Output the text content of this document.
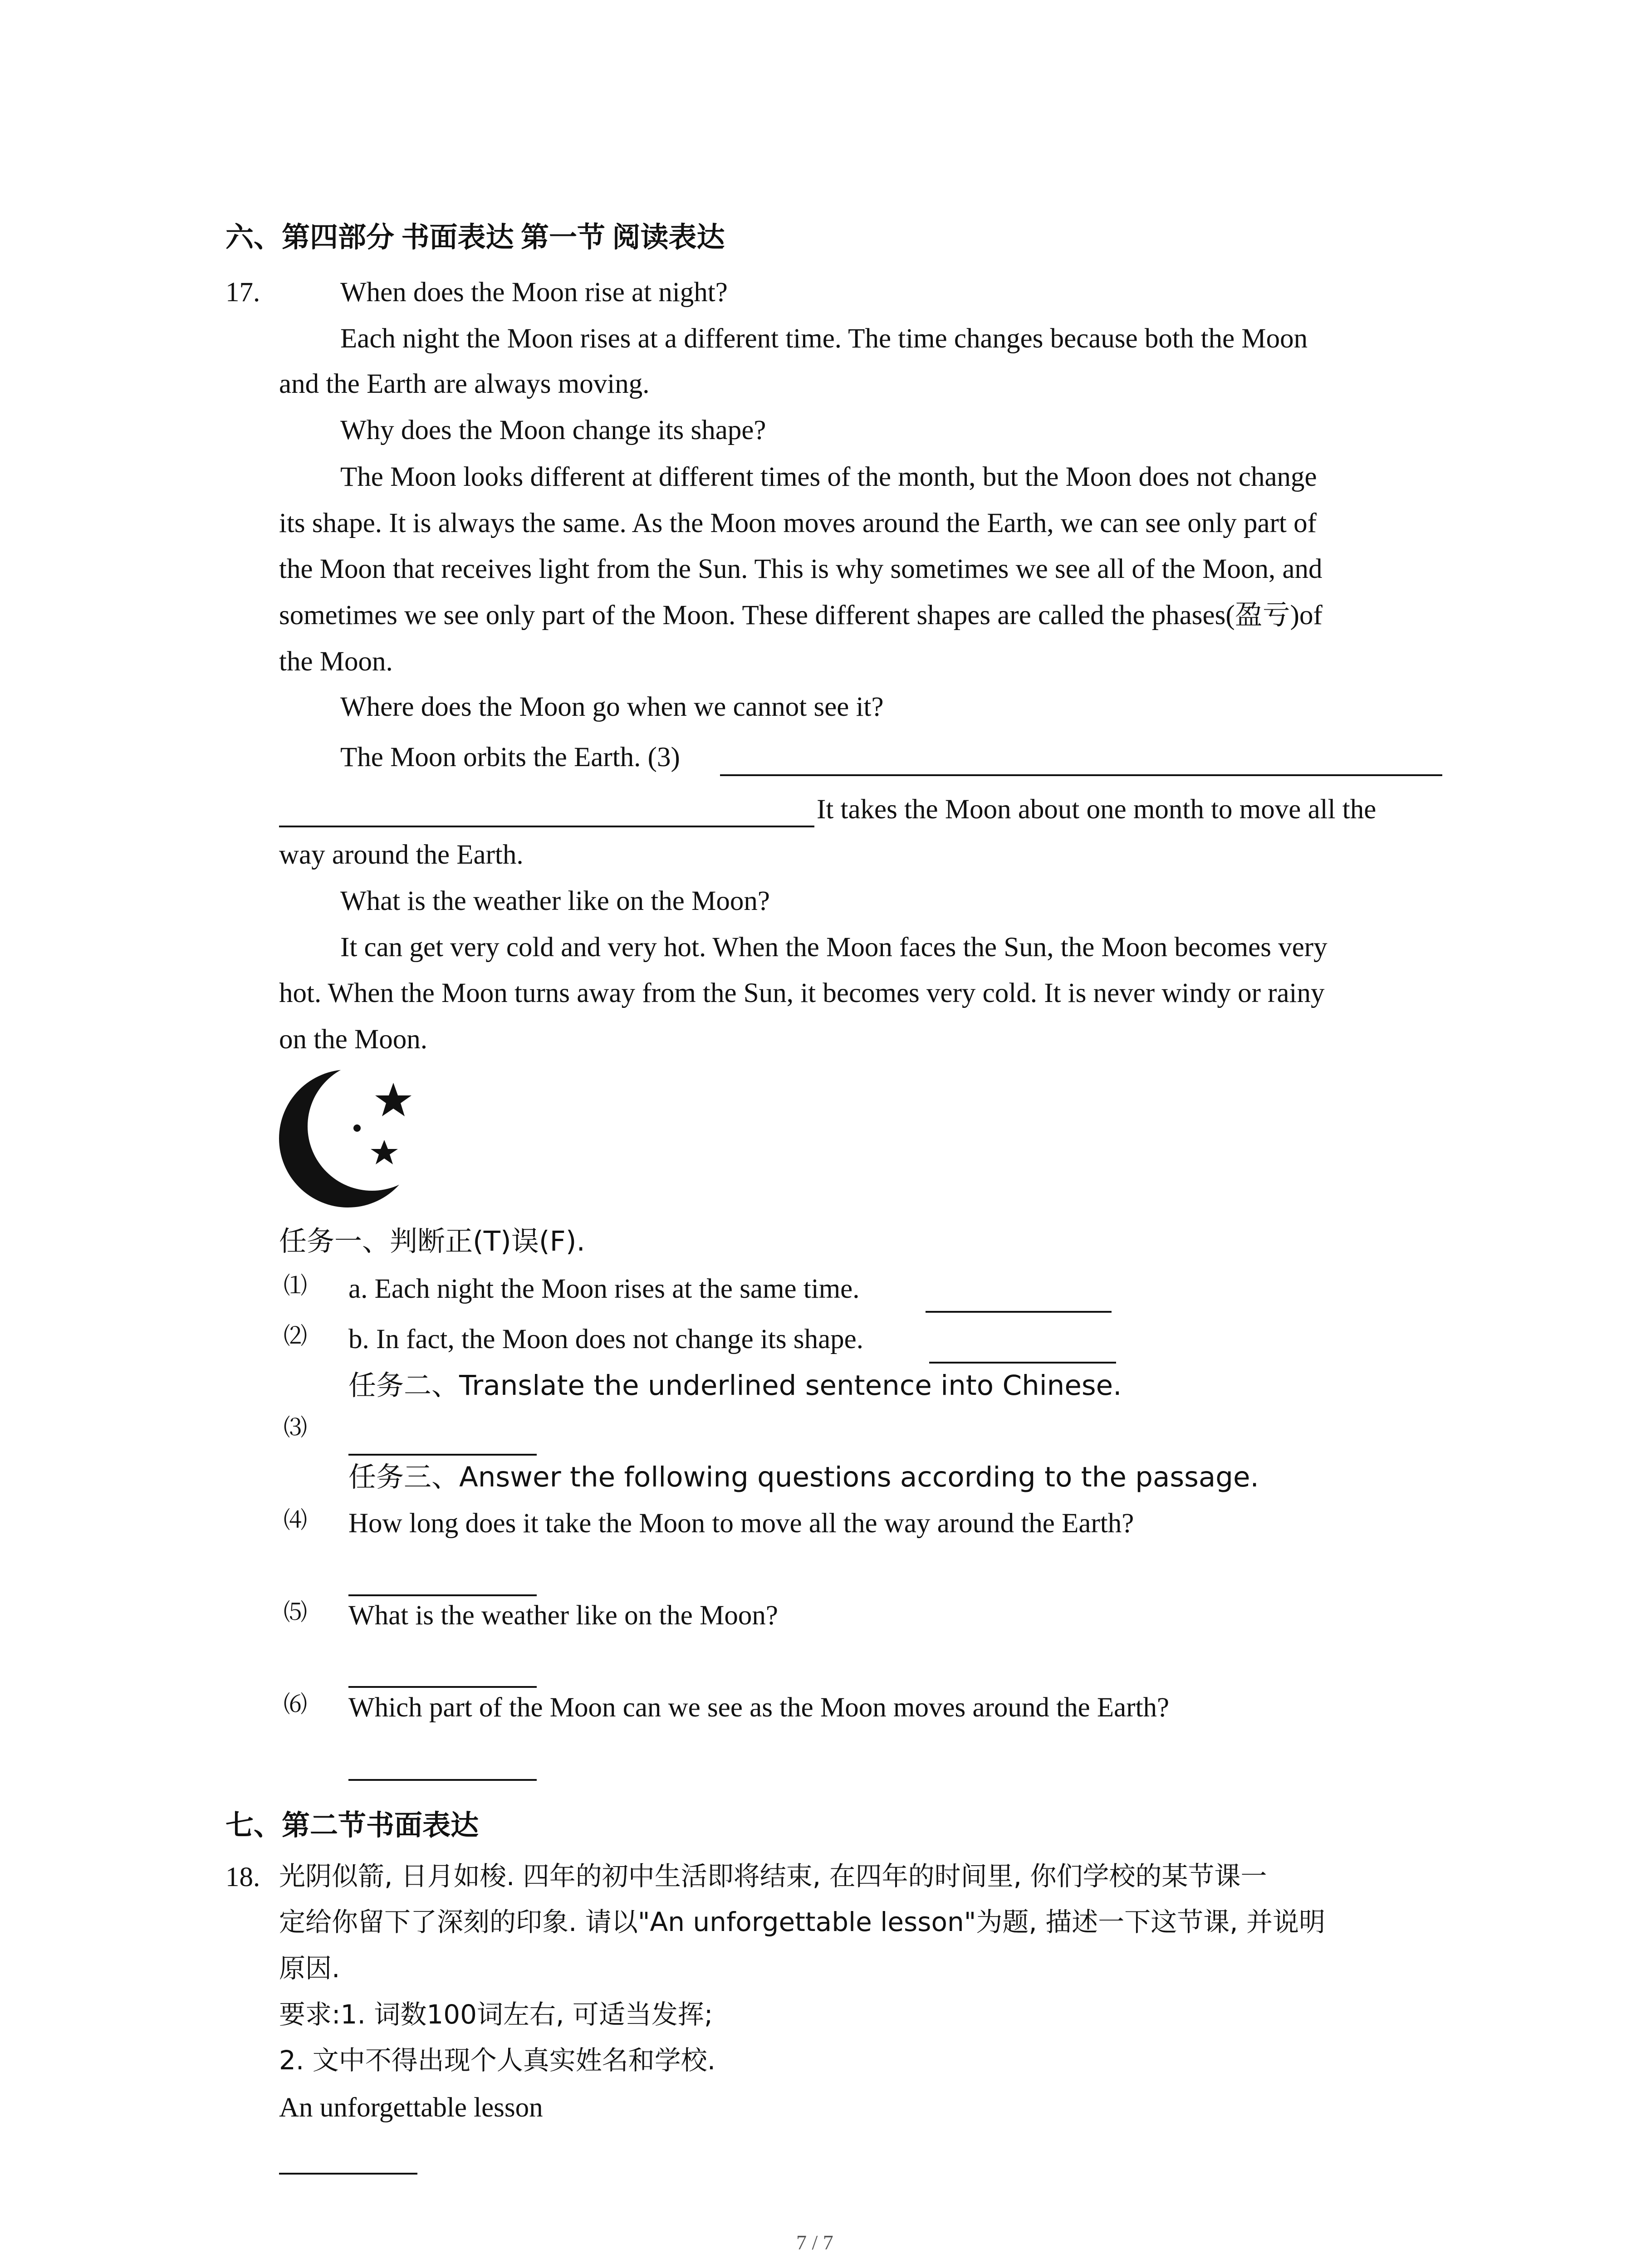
六、第四部分 书面表达 第一节 阅读表达
17.	When does the Moon rise at night?
Each night the Moon rises at a different time. The time changes because both the Moon
and the Earth are always moving.
Why does the Moon change its shape?
The Moon looks different at different times of the month, but the Moon does not change
its shape. It is always the same. As the Moon moves around the Earth, we can see only part of
the Moon that receives light from the Sun. This is why sometimes we see all of the Moon, and
sometimes we see only part of the Moon. These different shapes are called the phases(盈亏)of
the Moon.
Where does the Moon go when we cannot see it?
The Moon orbits the Earth. (3)
It takes the Moon about one month to move all the
way around the Earth.
What is the weather like on the Moon?
It can get very cold and very hot. When the Moon faces the Sun, the Moon becomes very
hot. When the Moon turns away from the Sun, it becomes very cold. It is never windy or rainy
on the Moon.
任务一、判断正(T)误(F).
⑴ a. Each night the Moon rises at the same time.
⑵ b. In fact, the Moon does not change its shape.
任务二、Translate the underlined sentence into Chinese.
⑶
任务三、Answer the following questions according to the passage.
⑷ How long does it take the Moon to move all the way around the Earth?
⑸ What is the weather like on the Moon?
⑹ Which part of the Moon can we see as the Moon moves around the Earth?
七、第二节书面表达
18. 光阴似箭, 日月如梭. 四年的初中生活即将结束, 在四年的时间里, 你们学校的某节课一
定给你留下了深刻的印象. 请以"An unforgettable lesson"为题, 描述一下这节课, 并说明
原因.
要求:1. 词数100词左右, 可适当发挥;
2. 文中不得出现个人真实姓名和学校.
An unforgettable lesson
7 / 7
